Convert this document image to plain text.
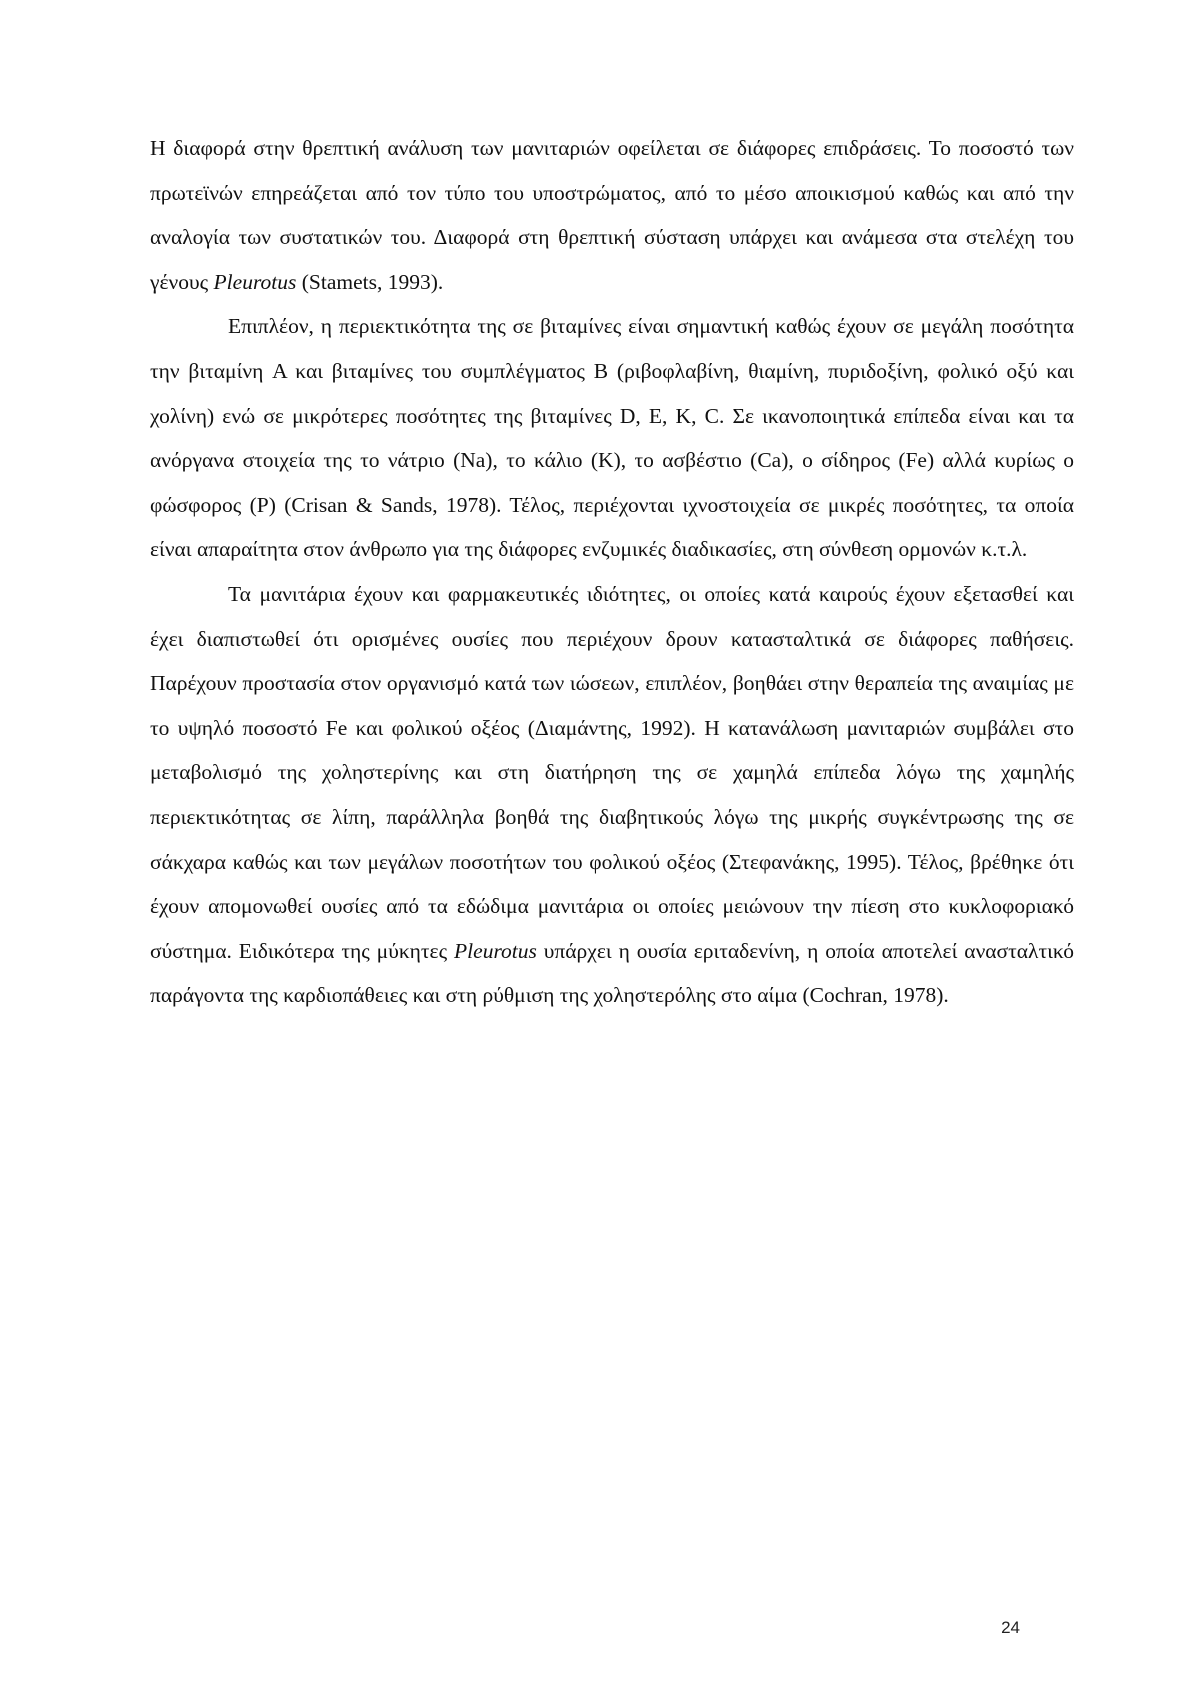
Η διαφορά στην θρεπτική ανάλυση των μανιταριών οφείλεται σε διάφορες επιδράσεις. Το ποσοστό των πρωτεϊνών επηρεάζεται από τον τύπο του υποστρώματος, από το μέσο αποικισμού καθώς και από την αναλογία των συστατικών του. Διαφορά στη θρεπτική σύσταση υπάρχει και ανάμεσα στα στελέχη του γένους Pleurotus (Stamets, 1993).

Επιπλέον, η περιεκτικότητα της σε βιταμίνες είναι σημαντική καθώς έχουν σε μεγάλη ποσότητα την βιταμίνη A και βιταμίνες του συμπλέγματος B (ριβοφλαβίνη, θιαμίνη, πυριδοξίνη, φολικό οξύ και χολίνη) ενώ σε μικρότερες ποσότητες της βιταμίνες D, E, K, C. Σε ικανοποιητικά επίπεδα είναι και τα ανόργανα στοιχεία της το νάτριο (Na), το κάλιο (K), το ασβέστιο (Ca), ο σίδηρος (Fe) αλλά κυρίως ο φώσφορος (P) (Crisan & Sands, 1978). Τέλος, περιέχονται ιχνοστοιχεία σε μικρές ποσότητες, τα οποία είναι απαραίτητα στον άνθρωπο για της διάφορες ενζυμικές διαδικασίες, στη σύνθεση ορμονών κ.τ.λ.

Τα μανιτάρια έχουν και φαρμακευτικές ιδιότητες, οι οποίες κατά καιρούς έχουν εξετασθεί και έχει διαπιστωθεί ότι ορισμένες ουσίες που περιέχουν δρουν κατασταλτικά σε διάφορες παθήσεις. Παρέχουν προστασία στον οργανισμό κατά των ιώσεων, επιπλέον, βοηθάει στην θεραπεία της αναιμίας με το υψηλό ποσοστό Fe και φολικού οξέος (Διαμάντης, 1992). Η κατανάλωση μανιταριών συμβάλει στο μεταβολισμό της χοληστερίνης και στη διατήρηση της σε χαμηλά επίπεδα λόγω της χαμηλής περιεκτικότητας σε λίπη, παράλληλα βοηθά της διαβητικούς λόγω της μικρής συγκέντρωσης της σε σάκχαρα καθώς και των μεγάλων ποσοτήτων του φολικού οξέος (Στεφανάκης, 1995). Τέλος, βρέθηκε ότι έχουν απομονωθεί ουσίες από τα εδώδιμα μανιτάρια οι οποίες μειώνουν την πίεση στο κυκλοφοριακό σύστημα. Ειδικότερα της μύκητες Pleurotus υπάρχει η ουσία εριταδενίνη, η οποία αποτελεί ανασταλτικό παράγοντα της καρδιοπάθειες και στη ρύθμιση της χοληστερόλης στο αίμα (Cochran, 1978).

24
